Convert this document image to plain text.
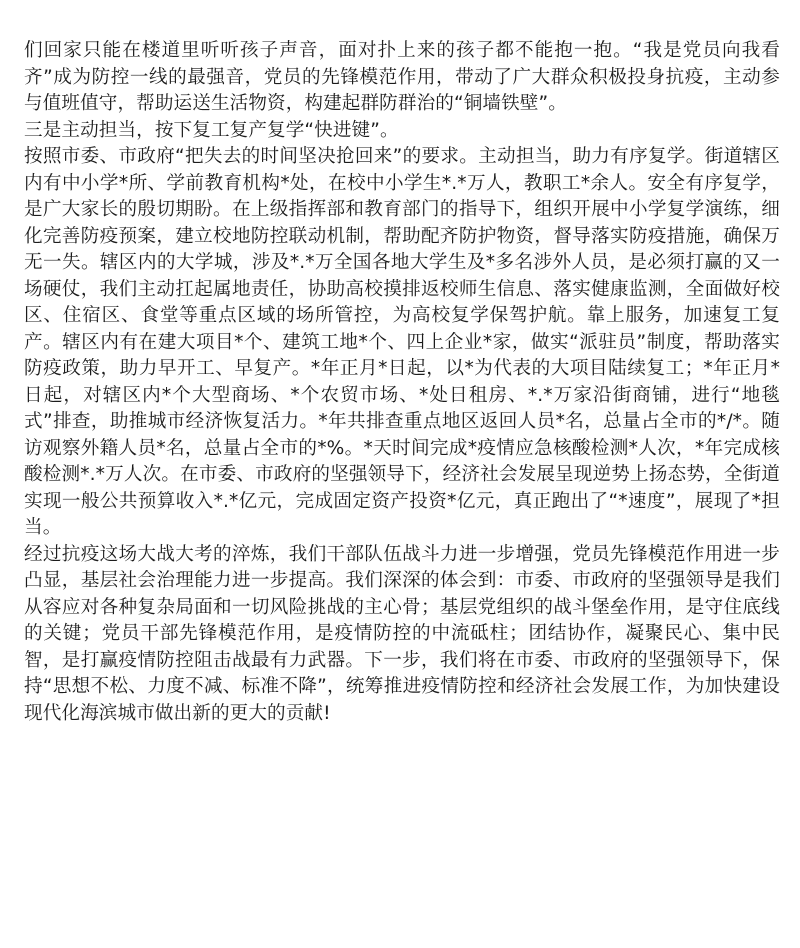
们回家只能在楼道里听听孩子声音，面对扑上来的孩子都不能抱一抱。“我是党员向我看齐”成为防控一线的最强音，党员的先锋模范作用，带动了广大群众积极投身抗疫，主动参与值班值守，帮助运送生活物资，构建起群防群治的“铜墙铁壁”。

三是主动担当，按下复工复产复学“快进键”。

按照市委、市政府“把失去的时间坚决抢回来”的要求。主动担当，助力有序复学。街道辖区内有中小学*所、学前教育机构*处，在校中小学生*.*万人，教职工*余人。安全有序复学，是广大家长的殷切期盼。在上级指挥部和教育部门的指导下，组织开展中小学复学演练，细化完善防疫预案，建立校地防控联动机制，帮助配齐防护物资，督导落实防疫措施，确保万无一失。辖区内的大学城，涉及*.*万全国各地大学生及*多名涉外人员，是必须打赢的又一场硬仗，我们主动扛起属地责任，协助高校摸排返校师生信息、落实健康监测，全面做好校区、住宿区、食堂等重点区域的场所管控，为高校复学保驾护航。靠上服务，加速复工复产。辖区内有在建大项目*个、建筑工地*个、四上企业*家，做实“派驻员”制度，帮助落实防疫政策，助力早开工、早复产。*年正月*日起，以*为代表的大项目陆续复工；*年正月*日起，对辖区内*个大型商场、*个农贸市场、*处日租房、*.*万家沿街商铺，进行“地毯式”排查，助推城市经济恢复活力。*年共排查重点地区返回人员*名，总量占全市的*/*。随访观察外籍人员*名，总量占全市的*%。*天时间完成*疫情应急核酸检测*人次，*年完成核酸检测*.*万人次。在市委、市政府的坚强领导下，经济社会发展呈现逆势上扬态势，全街道实现一般公共预算收入*.*亿元，完成固定资产投资*亿元，真正跑出了“*速度”，展现了*担当。

经过抗疫这场大战大考的淬炼，我们干部队伍战斗力进一步增强，党员先锋模范作用进一步凸显，基层社会治理能力进一步提高。我们深深的体会到：市委、市政府的坚强领导是我们从容应对各种复杂局面和一切风险挑战的主心骨；基层党组织的战斗堡垒作用，是守住底线的关键；党员干部先锋模范作用，是疫情防控的中流砥柱；团结协作，凝聚民心、集中民智，是打赢疫情防控阻击战最有力武器。下一步，我们将在市委、市政府的坚强领导下，保持“思想不松、力度不减、标准不降”，统筹推进疫情防控和经济社会发展工作，为加快建设现代化海滨城市做出新的更大的贡献!
